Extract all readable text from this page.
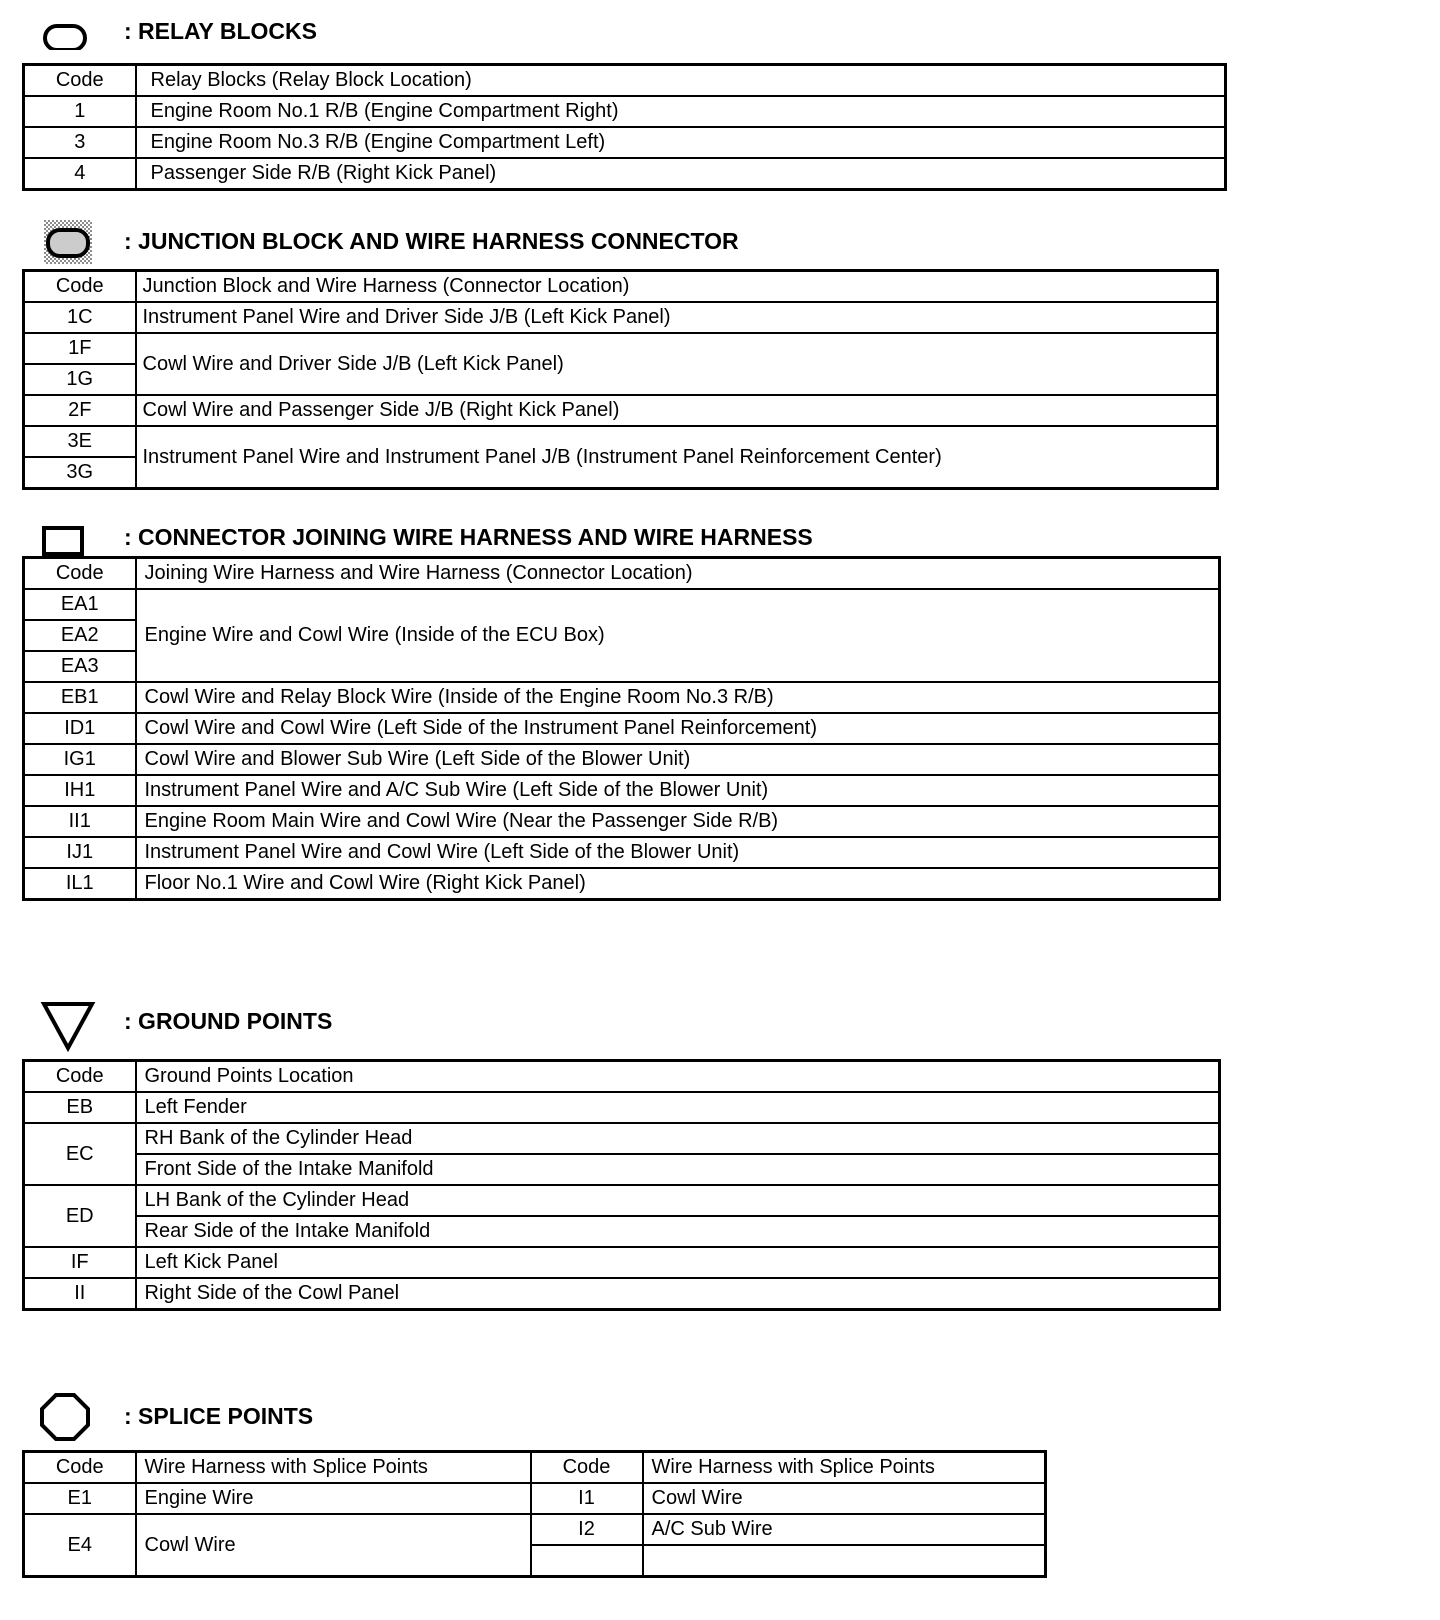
: RELAY BLOCKS
Code	Relay Blocks (Relay Block Location)
1	Engine Room No.1 R/B (Engine Compartment Right)
3	Engine Room No.3 R/B (Engine Compartment Left)
4	Passenger Side R/B (Right Kick Panel)
: JUNCTION BLOCK AND WIRE HARNESS CONNECTOR
Code	Junction Block and Wire Harness (Connector Location)
1C	Instrument Panel Wire and Driver Side J/B (Left Kick Panel)
1F	Cowl Wire and Driver Side J/B (Left Kick Panel)
1G	
2F	Cowl Wire and Passenger Side J/B (Right Kick Panel)
3E	Instrument Panel Wire and Instrument Panel J/B (Instrument Panel Reinforcement Center)
3G	
: CONNECTOR JOINING WIRE HARNESS AND WIRE HARNESS
Code	Joining Wire Harness and Wire Harness (Connector Location)
EA1	Engine Wire and Cowl Wire (Inside of the ECU Box)
EA2	
EA3	
EB1	Cowl Wire and Relay Block Wire (Inside of the Engine Room No.3 R/B)
ID1	Cowl Wire and Cowl Wire (Left Side of the Instrument Panel Reinforcement)
IG1	Cowl Wire and Blower Sub Wire (Left Side of the Blower Unit)
IH1	Instrument Panel Wire and A/C Sub Wire (Left Side of the Blower Unit)
II1	Engine Room Main Wire and Cowl Wire (Near the Passenger Side R/B)
IJ1	Instrument Panel Wire and Cowl Wire (Left Side of the Blower Unit)
IL1	Floor No.1 Wire and Cowl Wire (Right Kick Panel)
: GROUND POINTS
Code	Ground Points Location
EB	Left Fender
EC	RH Bank of the Cylinder Head
	Front Side of the Intake Manifold
ED	LH Bank of the Cylinder Head
	Rear Side of the Intake Manifold
IF	Left Kick Panel
II	Right Side of the Cowl Panel
: SPLICE POINTS
Code	Wire Harness with Splice Points	Code	Wire Harness with Splice Points
E1	Engine Wire	I1	Cowl Wire
E4	Cowl Wire	I2	A/C Sub Wire
